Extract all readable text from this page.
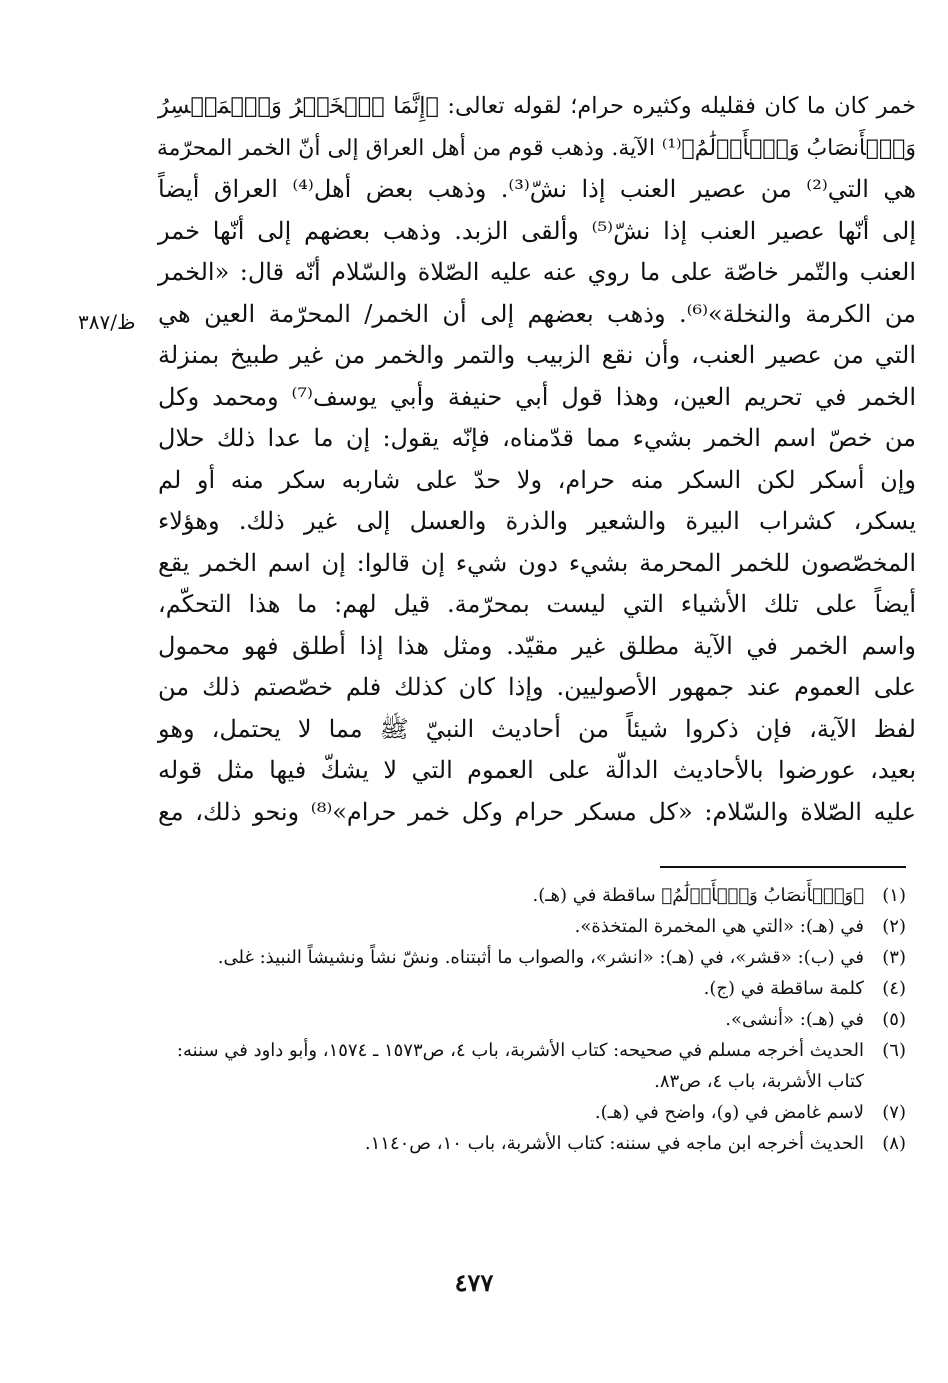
خمر كان ما كان فقليله وكثيره حرام؛ لقوله تعالى: ﴿إِنَّمَا ٱلۡخَمۡرُ وَٱلۡمَيۡسِرُ
وَٱلۡأَنصَابُ وَٱلۡأَزۡلَٰمُ﴾⁽¹⁾ الآية. وذهب قوم من أهل العراق إلى أنّ الخمر المحرّمة
هي التي⁽²⁾ من عصير العنب إذا نشّ⁽³⁾. وذهب بعض أهل⁽⁴⁾ العراق أيضاً
إلى أنّها عصير العنب إذا نشّ⁽⁵⁾ وألقى الزبد. وذهب بعضهم إلى أنّها خمر
العنب والتّمر خاصّة على ما روي عنه عليه الصّلاة والسّلام أنّه قال: «الخمر
من الكرمة والنخلة»⁽⁶⁾. وذهب بعضهم إلى أن الخمر/ المحرّمة العين هي
التي من عصير العنب، وأن نقع الزبيب والتمر والخمر من غير طبيخ بمنزلة
الخمر في تحريم العين، وهذا قول أبي حنيفة وأبي يوسف⁽⁷⁾ ومحمد وكل
من خصّ اسم الخمر بشيء مما قدّمناه، فإنّه يقول: إن ما عدا ذلك حلال
وإن أسكر لكن السكر منه حرام، ولا حدّ على شاربه سكر منه أو لم
يسكر، كشراب البيرة والشعير والذرة والعسل إلى غير ذلك. وهؤلاء
المخصّصون للخمر المحرمة بشيء دون شيء إن قالوا: إن اسم الخمر يقع
أيضاً على تلك الأشياء التي ليست بمحرّمة. قيل لهم: ما هذا التحكّم،
واسم الخمر في الآية مطلق غير مقيّد. ومثل هذا إذا أطلق فهو محمول
على العموم عند جمهور الأصوليين. وإذا كان كذلك فلم خصّصتم ذلك من
لفظ الآية، فإن ذكروا شيئاً من أحاديث النبيّ ﷺ مما لا يحتمل، وهو
بعيد، عورضوا بالأحاديث الدالّة على العموم التي لا يشكّ فيها مثل قوله
عليه الصّلاة والسّلام: «كل مسكر حرام وكل خمر حرام»⁽⁸⁾ ونحو ذلك، مع
ظ/٣٨٧
(١)
﴿وَٱلۡأَنصَابُ وَٱلۡأَزۡلَٰمُ﴾ ساقطة في (هـ).
(٢)
في (هـ): «التي هي المخمرة المتخذة».
(٣)
في (ب): «قشر»، في (هـ): «انشر»، والصواب ما أثبتناه. ونشّ نشاً ونشيشاً النبيذ: غلى.
(٤)
كلمة ساقطة في (ج).
(٥)
في (هـ): «أنشى».
(٦)
الحديث أخرجه مسلم في صحيحه: كتاب الأشربة، باب ٤، ص١٥٧٣ ـ ١٥٧٤، وأبو داود في سننه: كتاب الأشربة، باب ٤، ص٨٣.
(٧)
لاسم غامض في (و)، واضح في (هـ).
(٨)
الحديث أخرجه ابن ماجه في سننه: كتاب الأشربة، باب ١٠، ص١١٤٠.
٤٧٧
